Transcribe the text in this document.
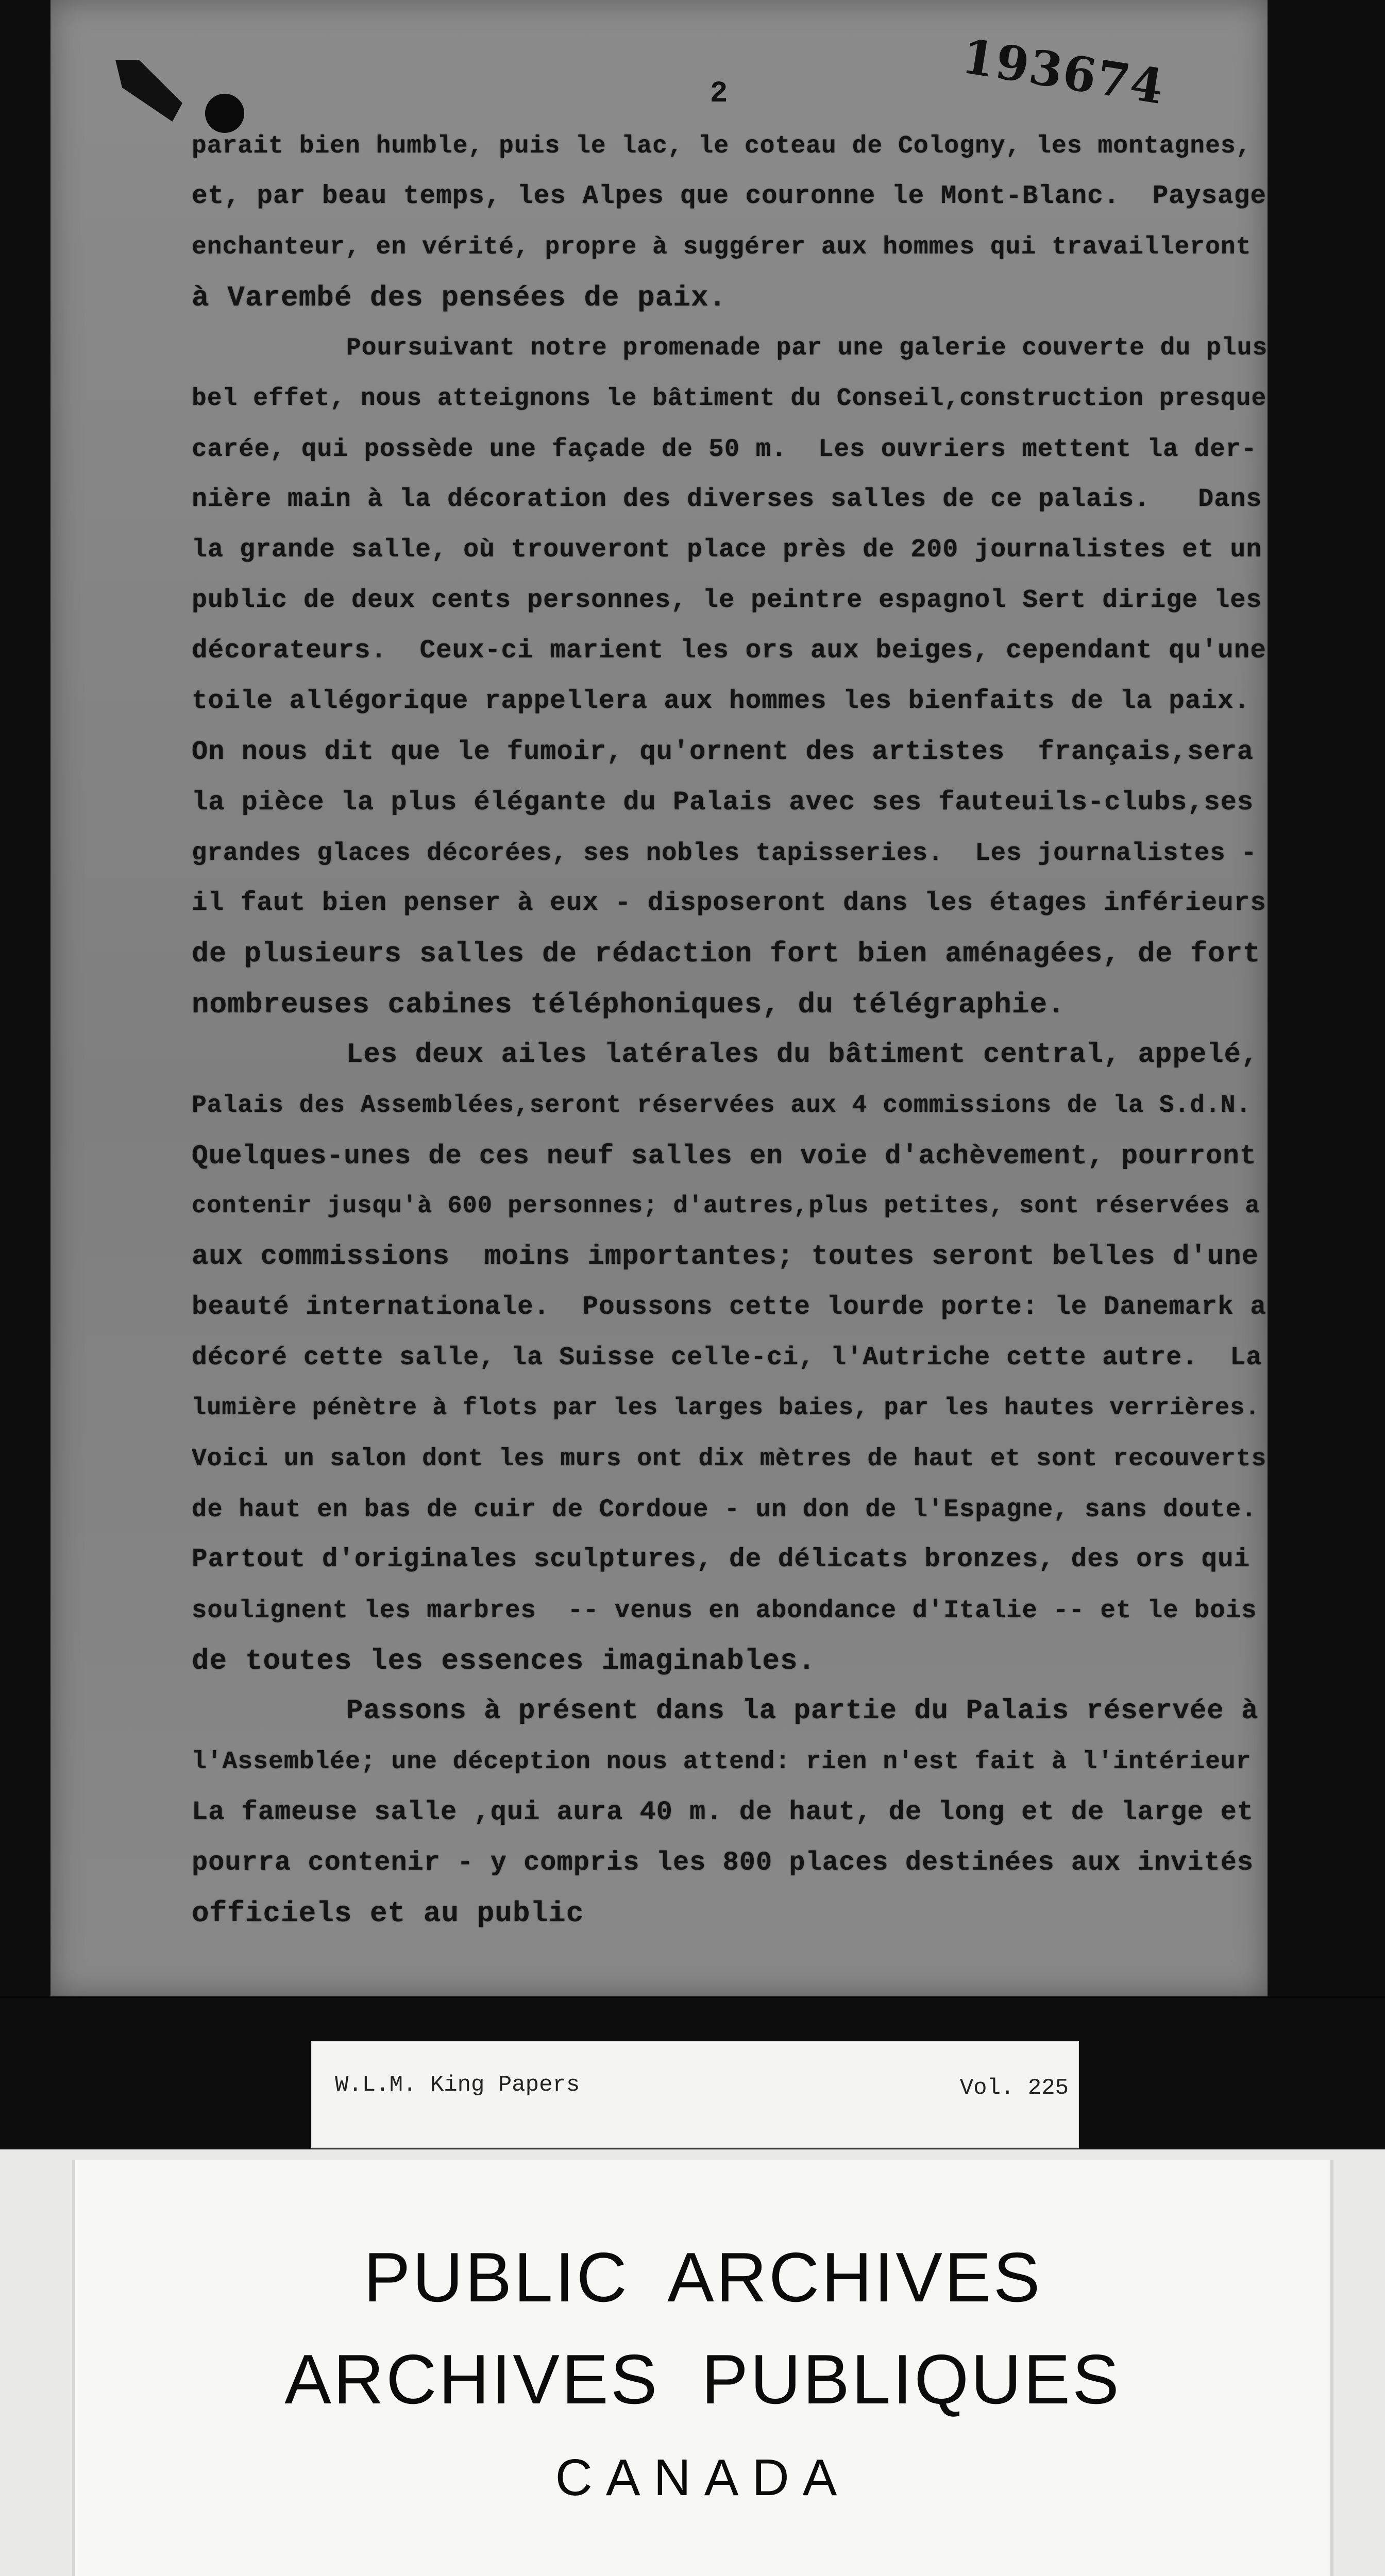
193674
2
parait bien humble, puis le lac, le coteau de Cologny, les montagnes,
et, par beau temps, les Alpes que couronne le Mont-Blanc.  Paysage
enchanteur, en vérité, propre à suggérer aux hommes qui travailleront
à Varembé des pensées de paix.
Poursuivant notre promenade par une galerie couverte du plus
bel effet, nous atteignons le bâtiment du Conseil,construction presque
carée, qui possède une façade de 50 m.  Les ouvriers mettent la der-
nière main à la décoration des diverses salles de ce palais.   Dans
la grande salle, où trouveront place près de 200 journalistes et un
public de deux cents personnes, le peintre espagnol Sert dirige les
décorateurs.  Ceux-ci marient les ors aux beiges, cependant qu'une
toile allégorique rappellera aux hommes les bienfaits de la paix.
On nous dit que le fumoir, qu'ornent des artistes  français,sera
la pièce la plus élégante du Palais avec ses fauteuils-clubs,ses
grandes glaces décorées, ses nobles tapisseries.  Les journalistes -
il faut bien penser à eux - disposeront dans les étages inférieurs
de plusieurs salles de rédaction fort bien aménagées, de fort
nombreuses cabines téléphoniques, du télégraphie.
Les deux ailes latérales du bâtiment central, appelé,
Palais des Assemblées,seront réservées aux 4 commissions de la S.d.N.
Quelques-unes de ces neuf salles en voie d'achèvement, pourront
contenir jusqu'à 600 personnes; d'autres,plus petites, sont réservées a
aux commissions  moins importantes; toutes seront belles d'une
beauté internationale.  Poussons cette lourde porte: le Danemark a
décoré cette salle, la Suisse celle-ci, l'Autriche cette autre.  La
lumière pénètre à flots par les larges baies, par les hautes verrières.
Voici un salon dont les murs ont dix mètres de haut et sont recouverts
de haut en bas de cuir de Cordoue - un don de l'Espagne, sans doute.
Partout d'originales sculptures, de délicats bronzes, des ors qui
soulignent les marbres  -- venus en abondance d'Italie -- et le bois
de toutes les essences imaginables.
Passons à présent dans la partie du Palais réservée à
l'Assemblée; une déception nous attend: rien n'est fait à l'intérieur
La fameuse salle ,qui aura 40 m. de haut, de long et de large et
pourra contenir - y compris les 800 places destinées aux invités
officiels et au public
W.L.M. King Papers	Vol. 225
PUBLIC ARCHIVES
ARCHIVES PUBLIQUES
CANADA
